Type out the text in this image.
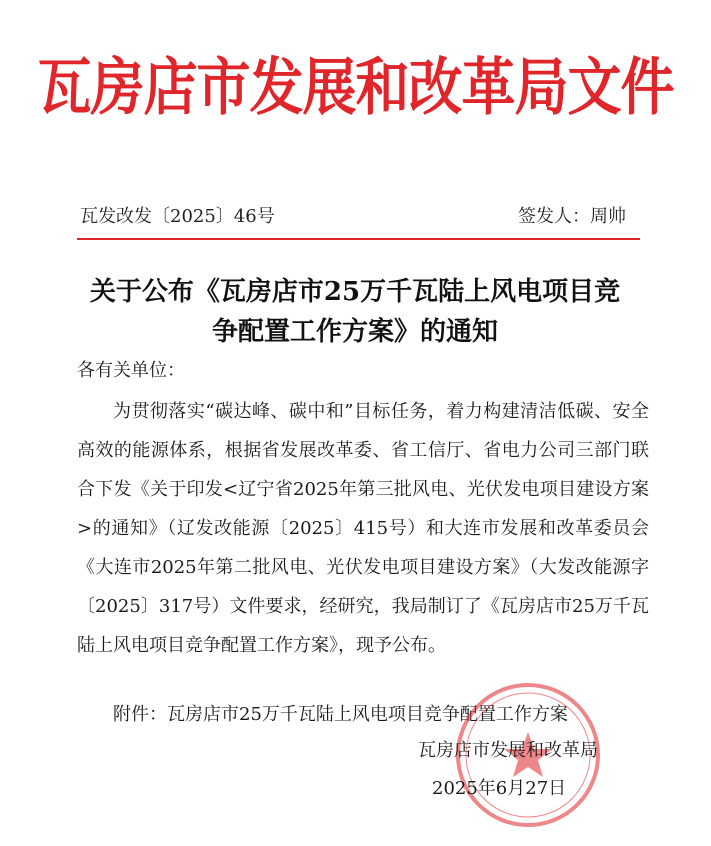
瓦房店市发展和改革局文件
瓦发改发〔2025〕46号	签发人：周帅
关于公布《瓦房店市25万千瓦陆上风电项目竞
争配置工作方案》的通知
各有关单位：

为贯彻落实“碳达峰、碳中和”目标任务，着力构建清洁低碳、安全高效的能源体系，根据省发展改革委、省工信厅、省电力公司三部门联合下发《关于印发<辽宁省2025年第三批风电、光伏发电项目建设方案>的通知》（辽发改能源〔2025〕415号）和大连市发展和改革委员会《大连市2025年第二批风电、光伏发电项目建设方案》（大发改能源字〔2025〕317号）文件要求，经研究，我局制订了《瓦房店市25万千瓦陆上风电项目竞争配置工作方案》，现予公布。

附件：瓦房店市25万千瓦陆上风电项目竞争配置工作方案
瓦房店市发展和改革局
2025年6月27日
